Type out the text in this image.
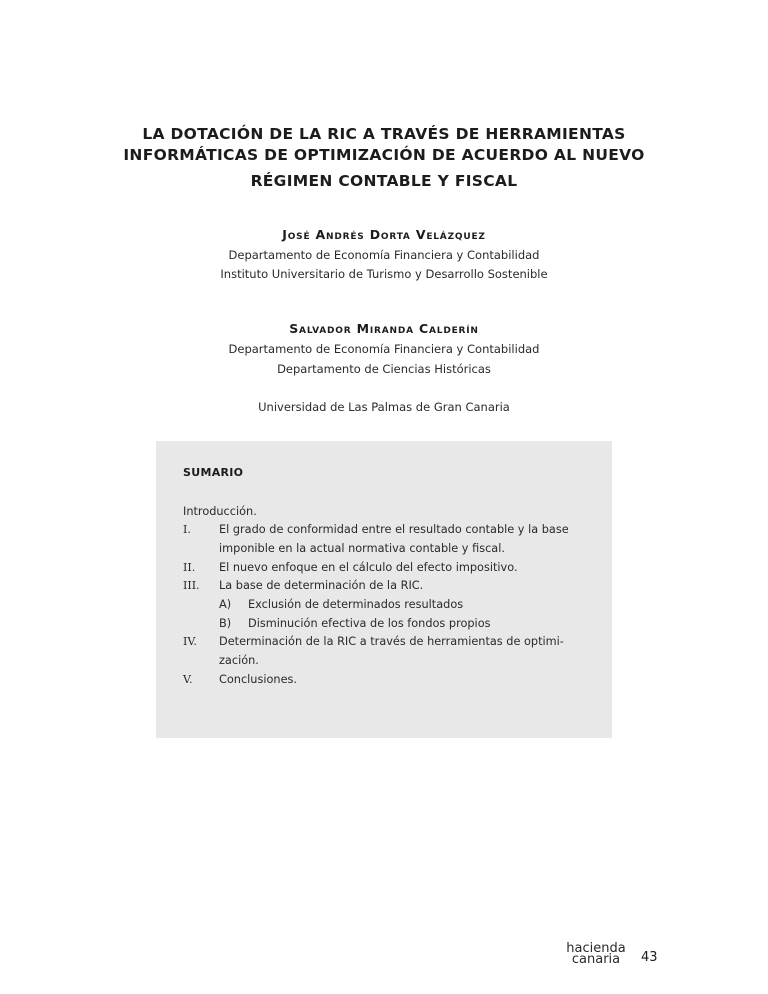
LA DOTACIÓN DE LA RIC A TRAVÉS DE HERRAMIENTAS
INFORMÁTICAS DE OPTIMIZACIÓN DE ACUERDO AL NUEVO
RÉGIMEN CONTABLE Y FISCAL
José Andrés Dorta Velázquez
Departamento de Economía Financiera y Contabilidad
Instituto Universitario de Turismo y Desarrollo Sostenible
Salvador Miranda Calderín
Departamento de Economía Financiera y Contabilidad
Departamento de Ciencias Históricas
Universidad de Las Palmas de Gran Canaria
SUMARIO
Introducción.
I. El grado de conformidad entre el resultado contable y la base
imponible en la actual normativa contable y fiscal.
II. El nuevo enfoque en el cálculo del efecto impositivo.
III. La base de determinación de la RIC.
A) Exclusión de determinados resultados
B) Disminución efectiva de los fondos propios
IV. Determinación de la RIC a través de herramientas de optimi-
zación.
V. Conclusiones.
hacienda
canaria	43
